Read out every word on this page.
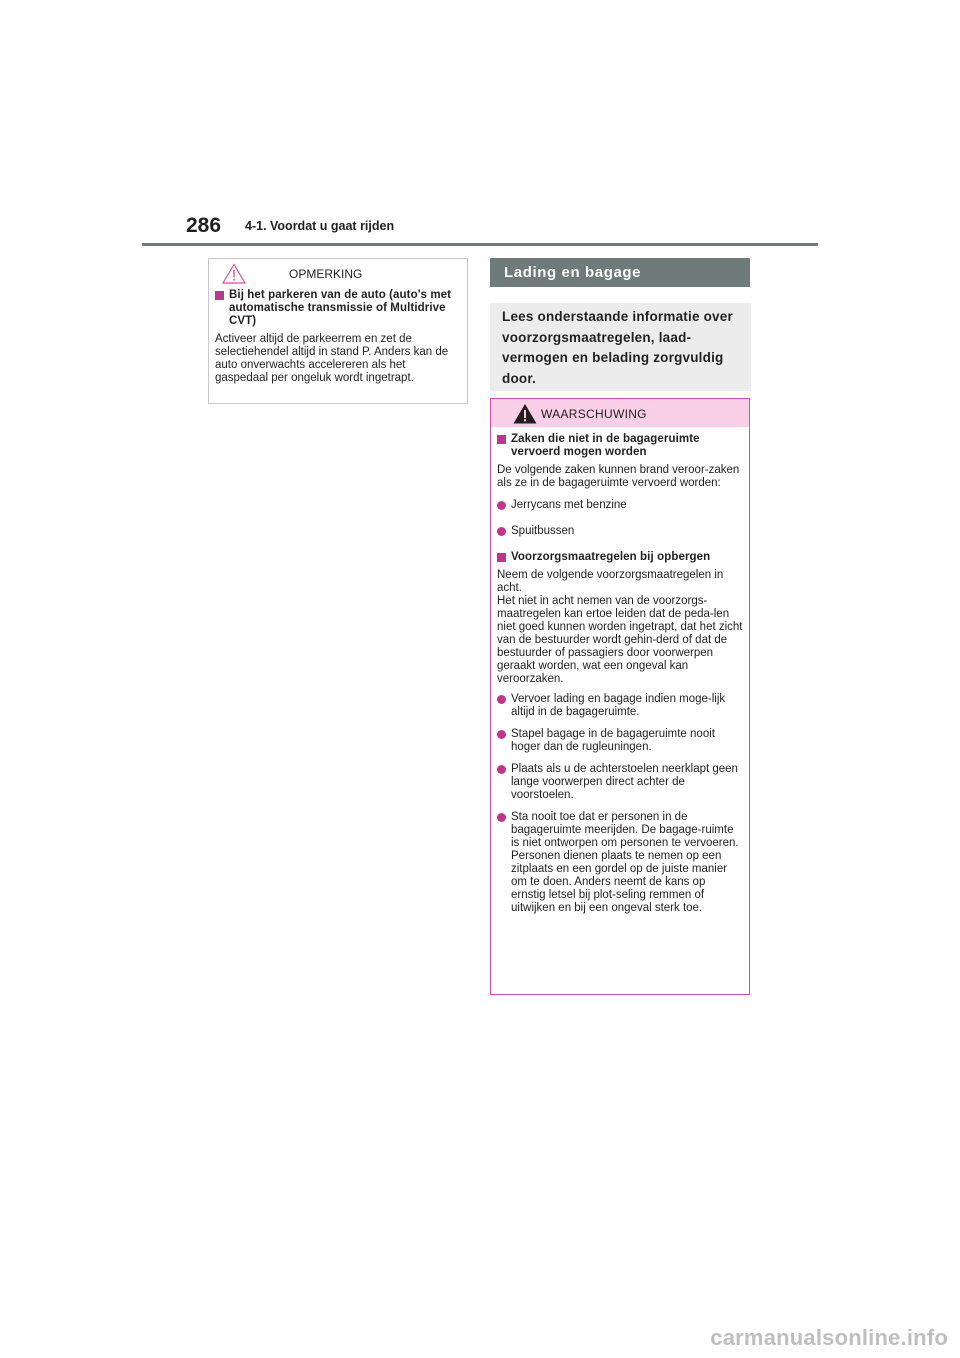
286 4-1. Voordat u gaat rijden
OPMERKING
Bij het parkeren van de auto (auto's met automatische transmissie of Multidrive CVT)
Activeer altijd de parkeerrem en zet de selectiehendel altijd in stand P. Anders kan de auto onverwachts accelereren als het gaspedaal per ongeluk wordt ingetrapt.
Lading en bagage
Lees onderstaande informatie over voorzorgsmaatregelen, laad-vermogen en belading zorgvuldig door.
WAARSCHUWING
Zaken die niet in de bagageruimte vervoerd mogen worden
De volgende zaken kunnen brand veroor-zaken als ze in de bagageruimte vervoerd worden:
Jerrycans met benzine
Spuitbussen
Voorzorgsmaatregelen bij opbergen
Neem de volgende voorzorgsmaatregelen in acht.
Het niet in acht nemen van de voorzorgs-maatregelen kan ertoe leiden dat de peda-len niet goed kunnen worden ingetrapt, dat het zicht van de bestuurder wordt gehin-derd of dat de bestuurder of passagiers door voorwerpen geraakt worden, wat een ongeval kan veroorzaken.
Vervoer lading en bagage indien moge-lijk altijd in de bagageruimte.
Stapel bagage in de bagageruimte nooit hoger dan de rugleuningen.
Plaats als u de achterstoelen neerklapt geen lange voorwerpen direct achter de voorstoelen.
Sta nooit toe dat er personen in de bagageruimte meerijden. De bagage-ruimte is niet ontworpen om personen te vervoeren. Personen dienen plaats te nemen op een zitplaats en een gordel op de juiste manier om te doen. Anders neemt de kans op ernstig letsel bij plot-seling remmen of uitwijken en bij een ongeval sterk toe.
carmanualsonline.info
